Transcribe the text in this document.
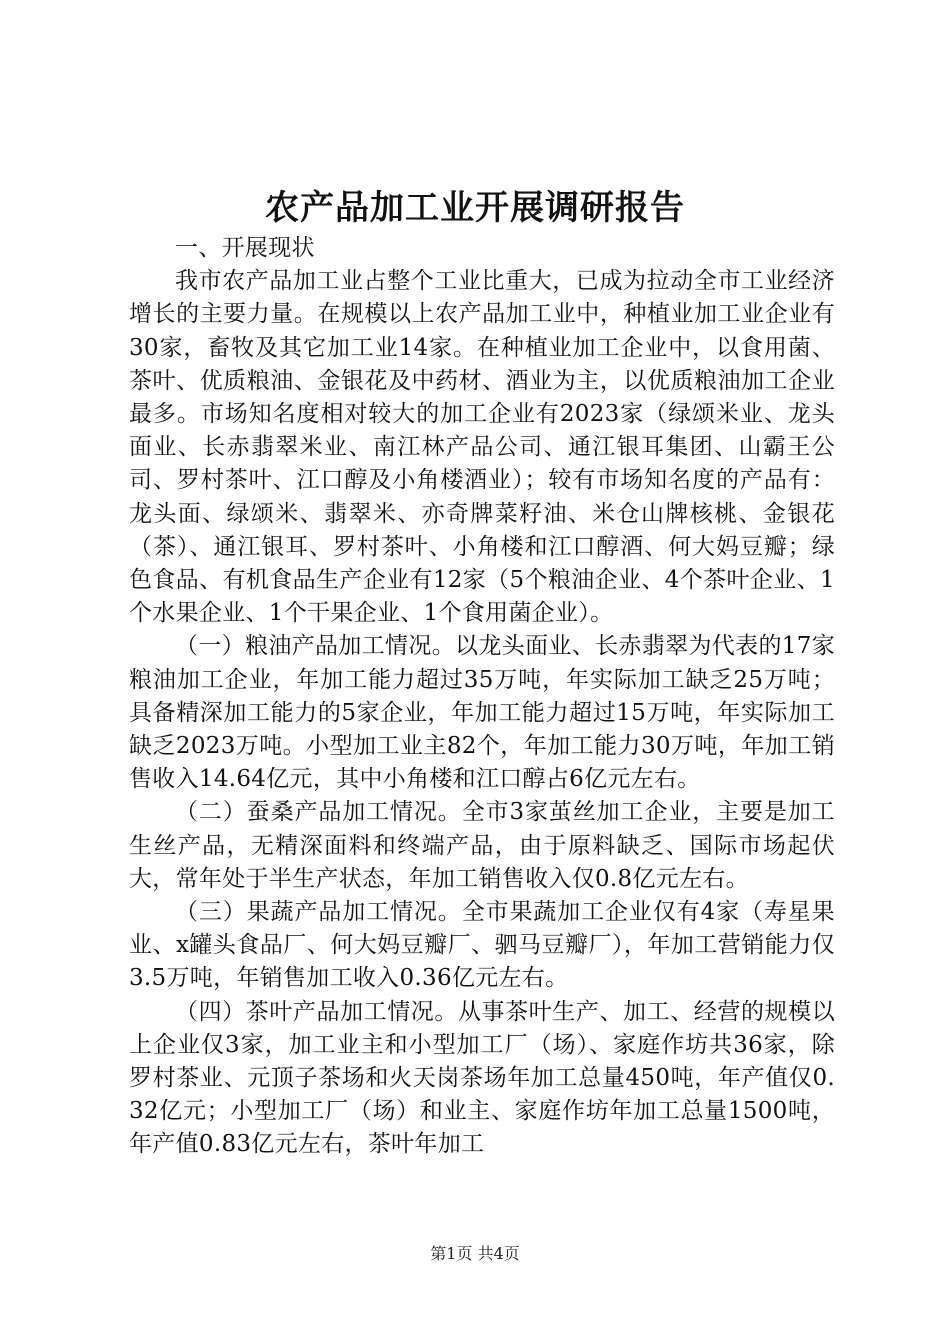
农产品加工业开展调研报告

一、开展现状

我市农产品加工业占整个工业比重大，已成为拉动全市工业经济增长的主要力量。在规模以上农产品加工业中，种植业加工业企业有30家，畜牧及其它加工业14家。在种植业加工企业中，以食用菌、茶叶、优质粮油、金银花及中药材、酒业为主，以优质粮油加工企业最多。市场知名度相对较大的加工企业有2023家（绿颂米业、龙头面业、长赤翡翠米业、南江林产品公司、通江银耳集团、山霸王公司、罗村茶叶、江口醇及小角楼酒业）；较有市场知名度的产品有：龙头面、绿颂米、翡翠米、亦奇牌菜籽油、米仓山牌核桃、金银花（茶）、通江银耳、罗村茶叶、小角楼和江口醇酒、何大妈豆瓣；绿色食品、有机食品生产企业有12家（5个粮油企业、4个茶叶企业、1个水果企业、1个干果企业、1个食用菌企业）。

（一）粮油产品加工情况。以龙头面业、长赤翡翠为代表的17家粮油加工企业，年加工能力超过35万吨，年实际加工缺乏25万吨；具备精深加工能力的5家企业，年加工能力超过15万吨，年实际加工缺乏2023万吨。小型加工业主82个，年加工能力30万吨，年加工销售收入14.64亿元，其中小角楼和江口醇占6亿元左右。

（二）蚕桑产品加工情况。全市3家茧丝加工企业，主要是加工生丝产品，无精深面料和终端产品，由于原料缺乏、国际市场起伏大，常年处于半生产状态，年加工销售收入仅0.8亿元左右。

（三）果蔬产品加工情况。全市果蔬加工企业仅有4家（寿星果业、x罐头食品厂、何大妈豆瓣厂、驷马豆瓣厂），年加工营销能力仅3.5万吨，年销售加工收入0.36亿元左右。

（四）茶叶产品加工情况。从事茶叶生产、加工、经营的规模以上企业仅3家，加工业主和小型加工厂（场）、家庭作坊共36家，除罗村茶业、元顶子茶场和火天岗茶场年加工总量450吨，年产值仅0.32亿元；小型加工厂（场）和业主、家庭作坊年加工总量1500吨，年产值0.83亿元左右，茶叶年加工

第1页 共4页
